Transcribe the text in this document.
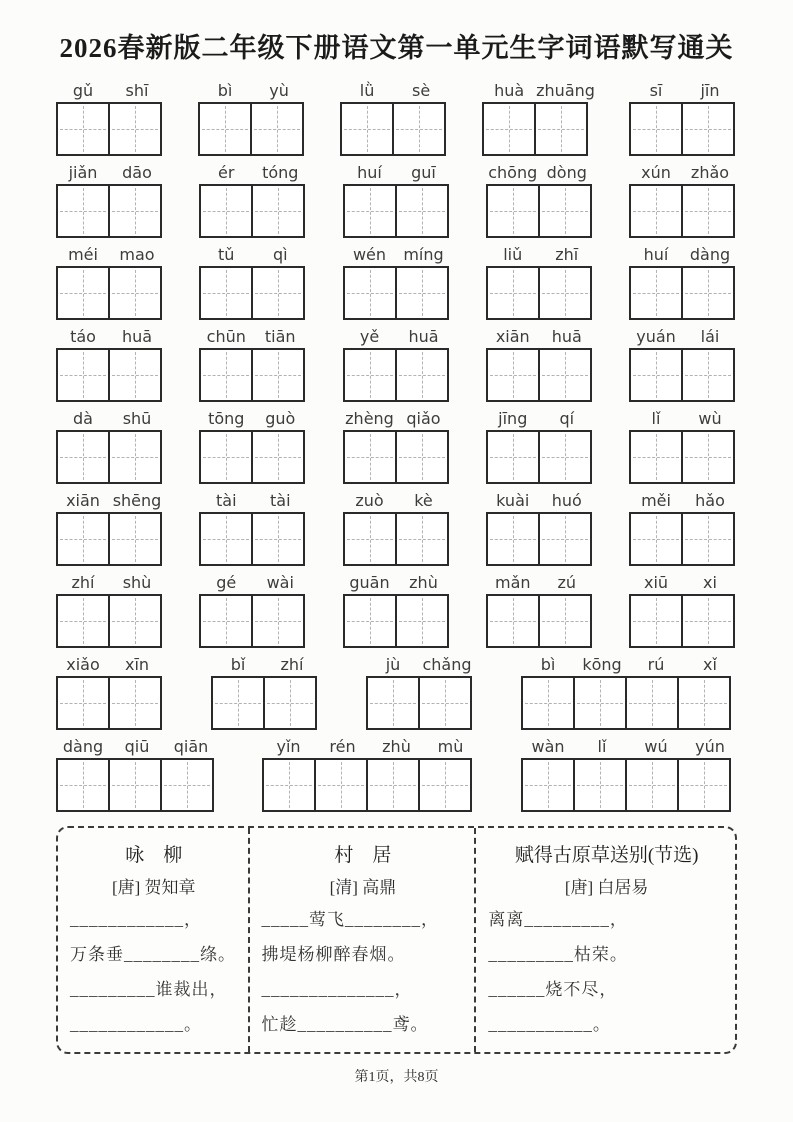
2026春新版二年级下册语文第一单元生字词语默写通关
gǔ	shī	bì	yù	lǜ	sè	huà zhuāng	sī	jīn
jiǎn	dāo	ér	tóng	huí	guī	chōng dòng	xún	zhǎo
méi	mao	tǔ	qì	wén	míng	liǔ	zhī	huí	dàng
táo	huā	chūn	tiān	yě	huā	xiān	huā	yuán	lái
dà	shū	tōng	guò	zhèng qiǎo	jīng	qí	lǐ	wù
xiān shēng	tài	tài	zuò	kè	kuài	huó	měi	hǎo
zhí	shù	gé	wài	guān	zhù	mǎn	zú	xiū	xi
xiǎo	xīn	bǐ	zhí	jù	chǎng	bì	kōng	rú	xǐ
dàng	qiū	qiān	yǐn	rén	zhù	mù	wàn	lǐ	wú	yún
咏　柳
[唐] 贺知章
____________，
万条垂________绦。
_________谁裁出，
____________。
村　居
[清] 高鼎
_____莺飞________，
拂堤杨柳醉春烟。
______________，
忙趁__________鸢。
赋得古原草送别(节选)
[唐] 白居易
离离_________，
_________枯荣。
______烧不尽，
___________。
第1页，共8页
